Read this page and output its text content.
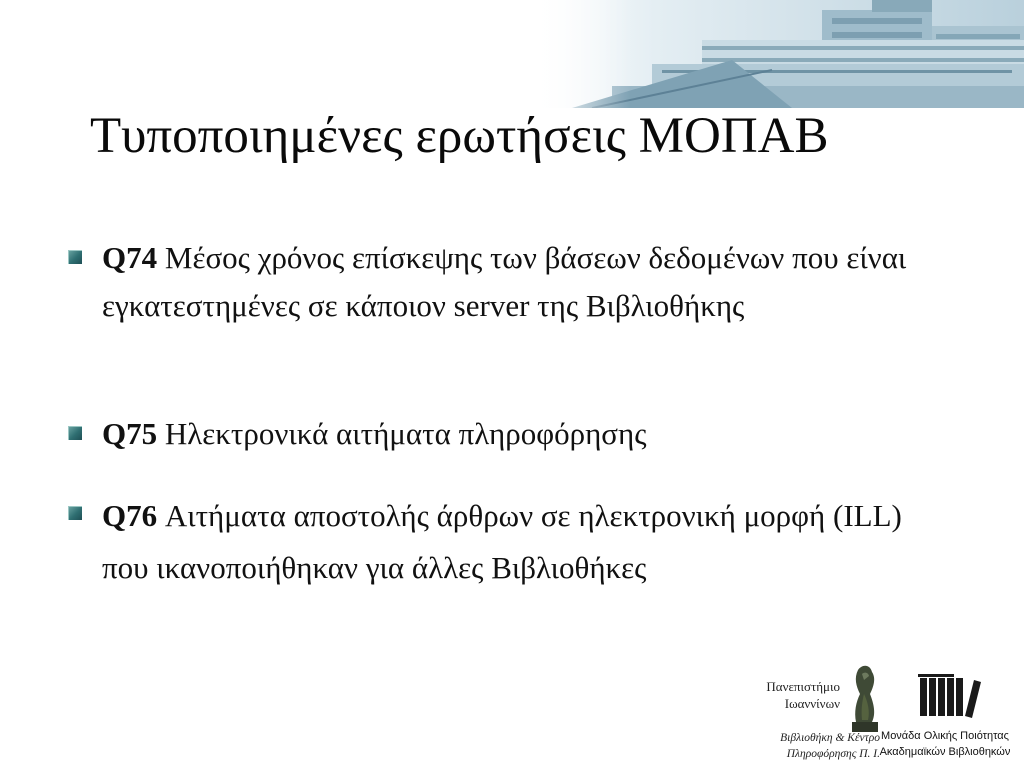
Τυποποιημένες ερωτήσεις ΜΟΠΑΒ
Q74 Μέσος χρόνος επίσκεψης των βάσεων δεδομένων που είναι εγκατεστημένες σε κάποιον server της Βιβλιοθήκης
Q75 Ηλεκτρονικά αιτήματα πληροφόρησης
Q76 Αιτήματα αποστολής άρθρων σε ηλεκτρονική μορφή (ILL) που ικανοποιήθηκαν για άλλες Βιβλιοθήκες
Πανεπιστήμιο
Ιωαννίνων
Βιβλιοθήκη & Κέντρο
Πληροφόρησης Π. Ι.
Μονάδα Ολικής Ποιότητας
Ακαδημαϊκών Βιβλιοθηκών
